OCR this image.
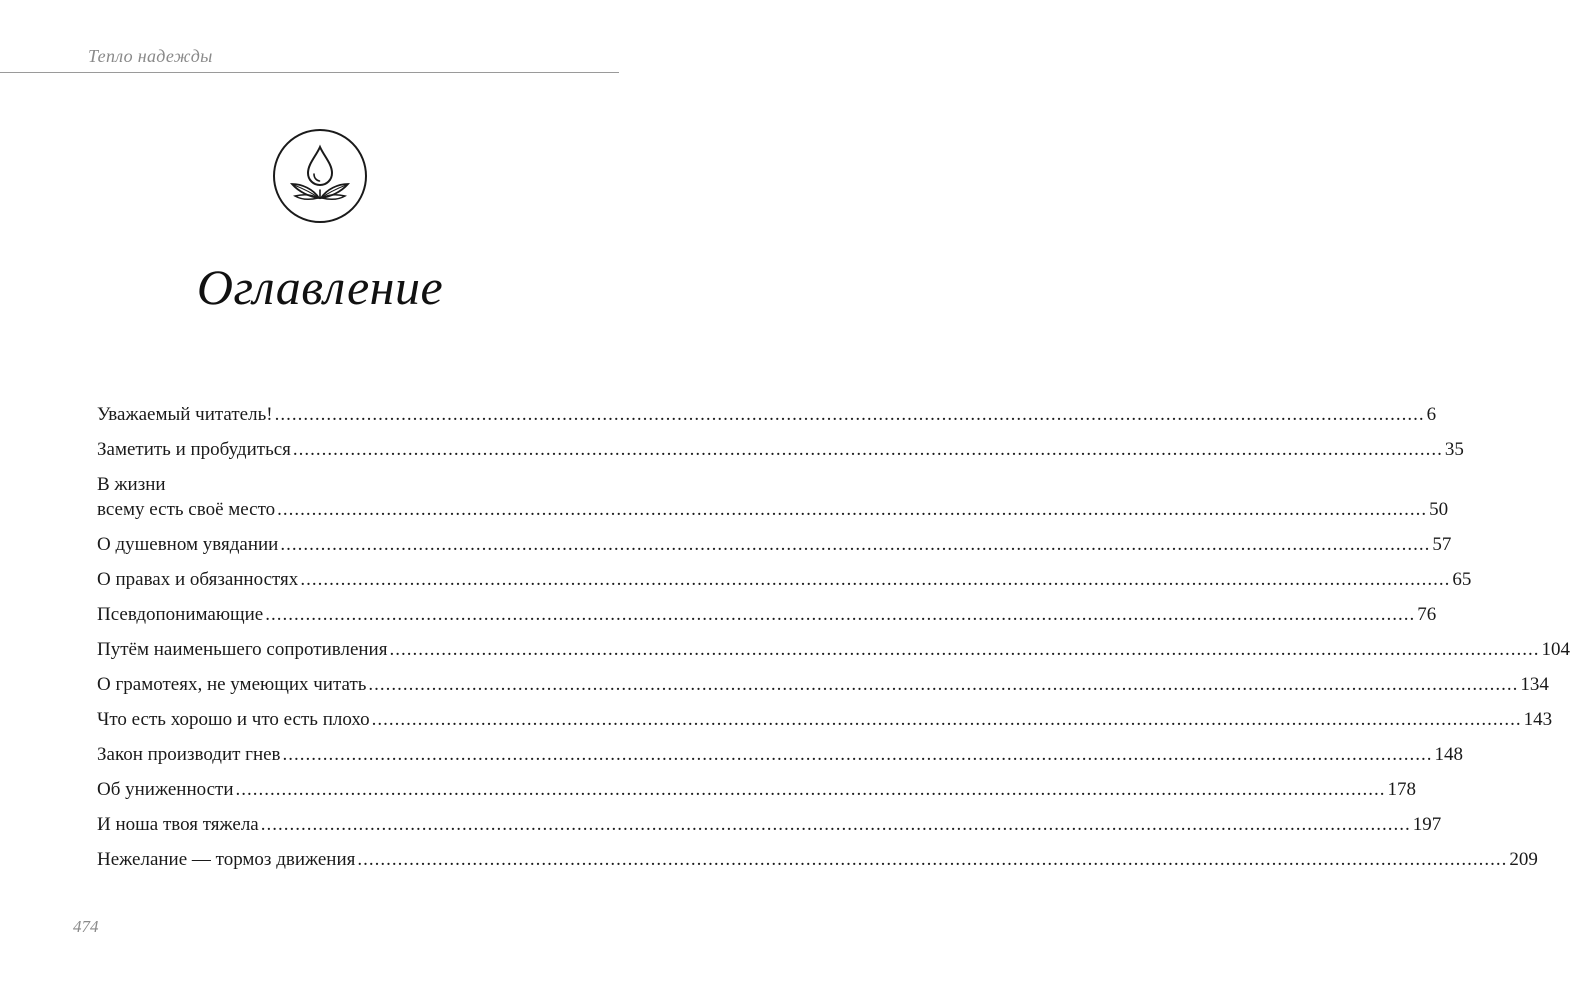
Тепло надежды
Оглавление
Уважаемый читатель! ........................................................................................................................................................................................................ 6
Заметить и пробудиться ........................................................................................................................................................................................................ 35
В жизни
всему есть своё место ........................................................................................................................................................................................................ 50
О душевном увядании ........................................................................................................................................................................................................ 57
О правах и обязанностях ........................................................................................................................................................................................................ 65
Псевдопонимающие ........................................................................................................................................................................................................ 76
Путём наименьшего сопротивления ........................................................................................................................................................................................................ 104
О грамотеях, не умеющих читать ........................................................................................................................................................................................................ 134
Что есть хорошо и что есть плохо ........................................................................................................................................................................................................ 143
Закон производит гнев ........................................................................................................................................................................................................ 148
Об униженности ........................................................................................................................................................................................................ 178
И ноша твоя тяжела ........................................................................................................................................................................................................ 197
Нежелание — тормоз движения ........................................................................................................................................................................................................ 209
474
